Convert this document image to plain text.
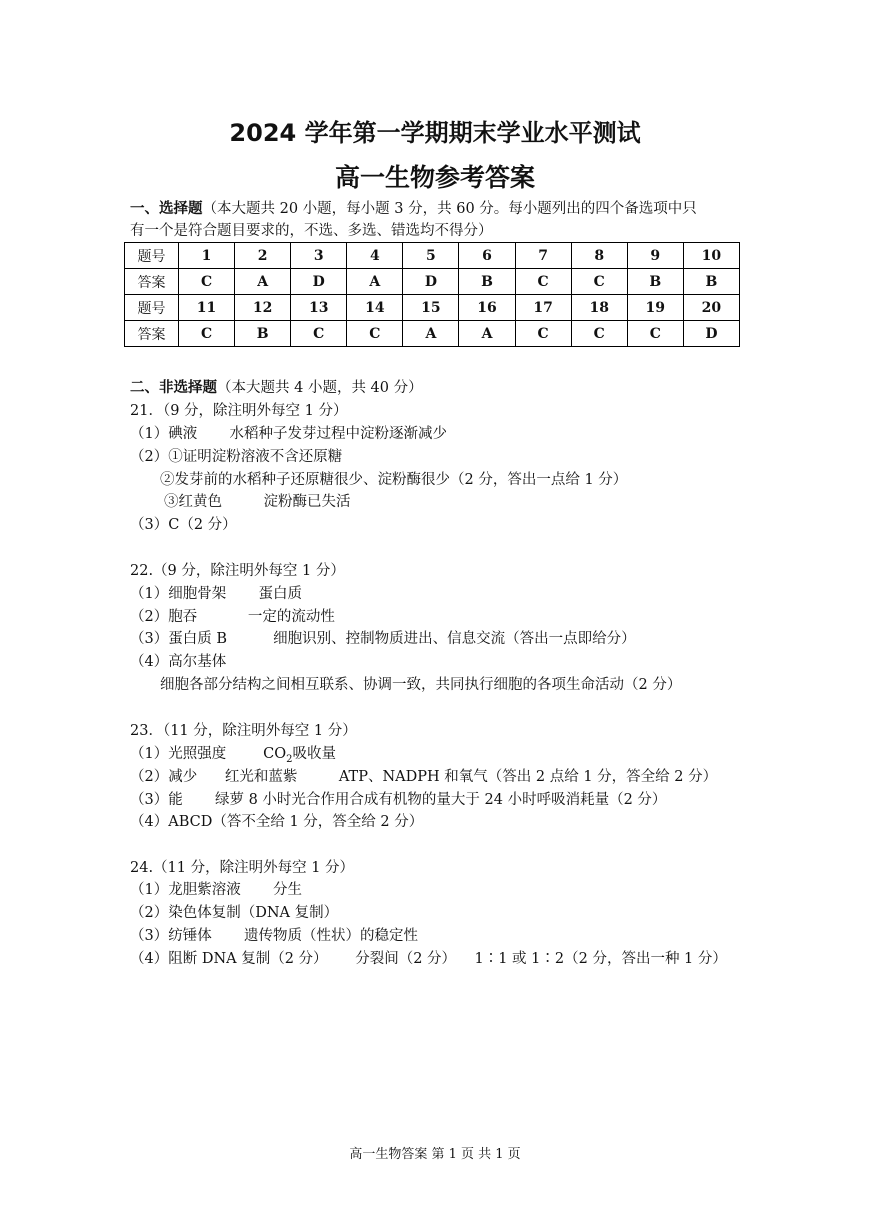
2024 学年第一学期期末学业水平测试
高一生物参考答案
一、选择题（本大题共 20 小题，每小题 3 分，共 60 分。每小题列出的四个备选项中只
有一个是符合题目要求的，不选、多选、错选均不得分）
题号	1	2	3	4	5	6	7	8	9	10
答案	C	A	D	A	D	B	C	C	B	B
题号	11	12	13	14	15	16	17	18	19	20
答案	C	B	C	C	A	A	C	C	C	D
二、非选择题（本大题共 4 小题，共 40 分）
21．（9 分，除注明外每空 1 分）
（1）碘液       水稻种子发芽过程中淀粉逐渐减少
（2）①证明淀粉溶液不含还原糖
②发芽前的水稻种子还原糖很少、淀粉酶很少（2 分，答出一点给 1 分）
③红黄色         淀粉酶已失活
（3）C（2 分）
22.（9 分，除注明外每空 1 分）
（1）细胞骨架       蛋白质
（2）胞吞           一定的流动性
（3）蛋白质 B          细胞识别、控制物质进出、信息交流（答出一点即给分）
（4）高尔基体
细胞各部分结构之间相互联系、协调一致，共同执行细胞的各项生命活动（2 分）
23．（11 分，除注明外每空 1 分）
（1）光照强度        $CO_2$吸收量
（2）减少      红光和蓝紫         ATP、NADPH 和氧气（答出 2 点给 1 分，答全给 2 分）
（3）能       绿萝 8 小时光合作用合成有机物的量大于 24 小时呼吸消耗量（2 分）
（4）ABCD（答不全给 1 分，答全给 2 分）
24.（11 分，除注明外每空 1 分）
（1）龙胆紫溶液       分生
（2）染色体复制（DNA 复制）
（3）纺锤体       遗传物质（性状）的稳定性
（4）阻断 DNA 复制（2 分）      分裂间（2 分）    1∶1 或 1∶2（2 分，答出一种 1 分）
高一生物答案 第 1 页 共 1 页
